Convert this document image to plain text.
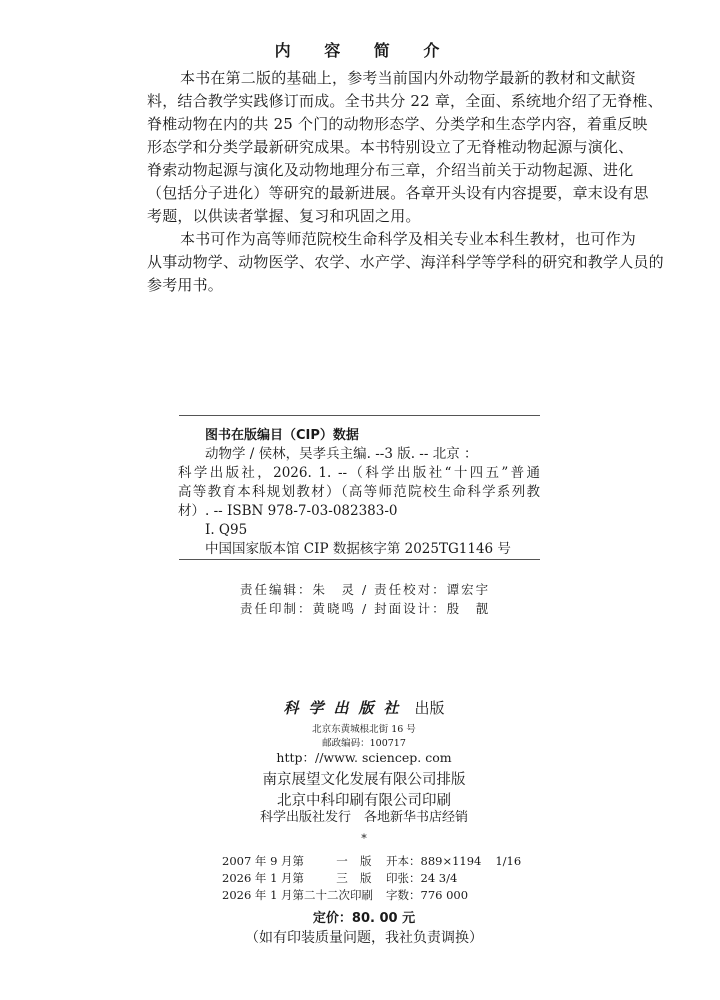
内 容 简 介
本书在第二版的基础上，参考当前国内外动物学最新的教材和文献资
料，结合教学实践修订而成。全书共分 22 章，全面、系统地介绍了无脊椎、
脊椎动物在内的共 25 个门的动物形态学、分类学和生态学内容，着重反映
形态学和分类学最新研究成果。本书特别设立了无脊椎动物起源与演化、
脊索动物起源与演化及动物地理分布三章，介绍当前关于动物起源、进化
（包括分子进化）等研究的最新进展。各章开头设有内容提要，章末设有思
考题，以供读者掌握、复习和巩固之用。
本书可作为高等师范院校生命科学及相关专业本科生教材，也可作为
从事动物学、动物医学、农学、水产学、海洋科学等学科的研究和教学人员的
参考用书。
图书在版编目（CIP）数据
动物学 / 侯林，吴孝兵主编. --3 版. -- 北京 ：
科学出版社，2026. 1. --（科学出版社“十四五”普通
高等教育本科规划教材）（高等师范院校生命科学系列教
材）. -- ISBN 978-7-03-082383-0
Ⅰ. Q95
中国国家版本馆 CIP 数据核字第 2025TG1146 号
责任编辑：朱　灵 / 责任校对：谭宏宇
责任印制：黄晓鸣 / 封面设计：殷　靓
科学出版社 出版
北京东黄城根北街 16 号
邮政编码：100717
http：//www. sciencep. com
南京展望文化发展有限公司排版
北京中科印刷有限公司印刷
科学出版社发行　各地新华书店经销
*
2007 年 9 月第	一	版 开本：889×1194 1/16
2026 年 1 月第	三	版 印张：24 3/4
2026 年 1 月第二十二次印刷 字数：776 000
定价：80. 00 元
（如有印装质量问题，我社负责调换）
